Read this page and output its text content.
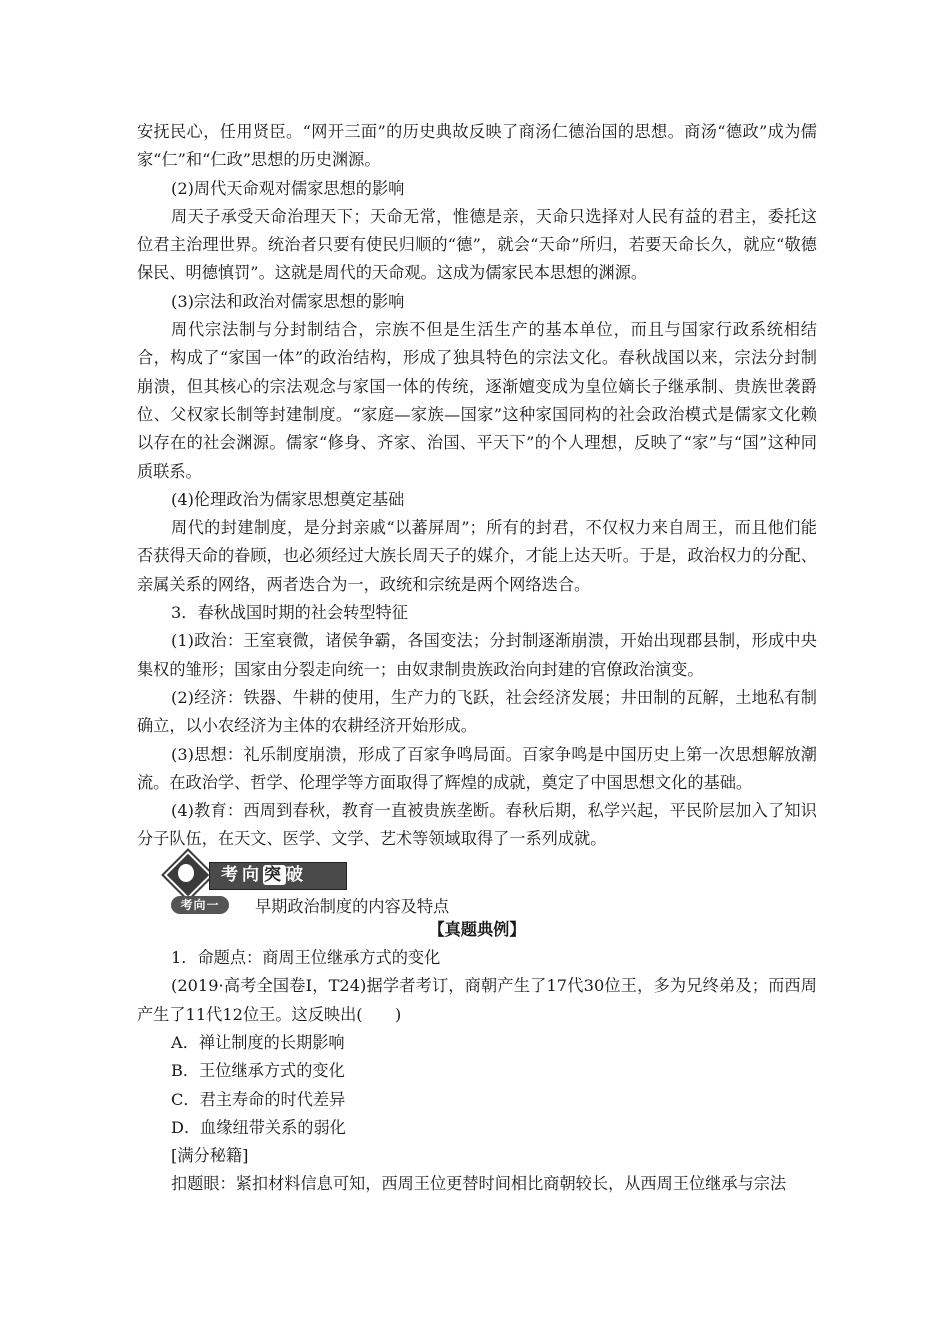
安抚民心，任用贤臣。“网开三面”的历史典故反映了商汤仁德治国的思想。商汤“德政”成为儒家“仁”和“仁政”思想的历史渊源。

(2)周代天命观对儒家思想的影响

周天子承受天命治理天下；天命无常，惟德是亲，天命只选择对人民有益的君主，委托这位君主治理世界。统治者只要有使民归顺的“德”，就会“天命”所归，若要天命长久，就应“敬德保民、明德慎罚”。这就是周代的天命观。这成为儒家民本思想的渊源。

(3)宗法和政治对儒家思想的影响

周代宗法制与分封制结合，宗族不但是生活生产的基本单位，而且与国家行政系统相结合，构成了“家国一体”的政治结构，形成了独具特色的宗法文化。春秋战国以来，宗法分封制崩溃，但其核心的宗法观念与家国一体的传统，逐渐嬗变成为皇位嫡长子继承制、贵族世袭爵位、父权家长制等封建制度。“家庭—家族—国家”这种家国同构的社会政治模式是儒家文化赖以存在的社会渊源。儒家“修身、齐家、治国、平天下”的个人理想，反映了“家”与“国”这种同质联系。

(4)伦理政治为儒家思想奠定基础

周代的封建制度，是分封亲戚“以蕃屏周”；所有的封君，不仅权力来自周王，而且他们能否获得天命的眷顾，也必须经过大族长周天子的媒介，才能上达天听。于是，政治权力的分配、亲属关系的网络，两者迭合为一，政统和宗统是两个网络迭合。

3．春秋战国时期的社会转型特征

(1)政治：王室衰微，诸侯争霸，各国变法；分封制逐渐崩溃，开始出现郡县制，形成中央集权的雏形；国家由分裂走向统一；由奴隶制贵族政治向封建的官僚政治演变。

(2)经济：铁器、牛耕的使用，生产力的飞跃，社会经济发展；井田制的瓦解，土地私有制确立，以小农经济为主体的农耕经济开始形成。

(3)思想：礼乐制度崩溃，形成了百家争鸣局面。百家争鸣是中国历史上第一次思想解放潮流。在政治学、哲学、伦理学等方面取得了辉煌的成就，奠定了中国思想文化的基础。

(4)教育：西周到春秋，教育一直被贵族垄断。春秋后期，私学兴起，平民阶层加入了知识分子队伍，在天文、医学、文学、艺术等领域取得了一系列成就。

考向突破
考向一	早期政治制度的内容及特点

【真题典例】

1．命题点：商周王位继承方式的变化

(2019·高考全国卷Ⅰ，T24)据学者考订，商朝产生了17代30位王，多为兄终弟及；而西周产生了11代12位王。这反映出(　　)

A．禅让制度的长期影响

B．王位继承方式的变化

C．君主寿命的时代差异

D．血缘纽带关系的弱化

[满分秘籍]

扣题眼：紧扣材料信息可知，西周王位更替时间相比商朝较长，从西周王位继承与宗法
